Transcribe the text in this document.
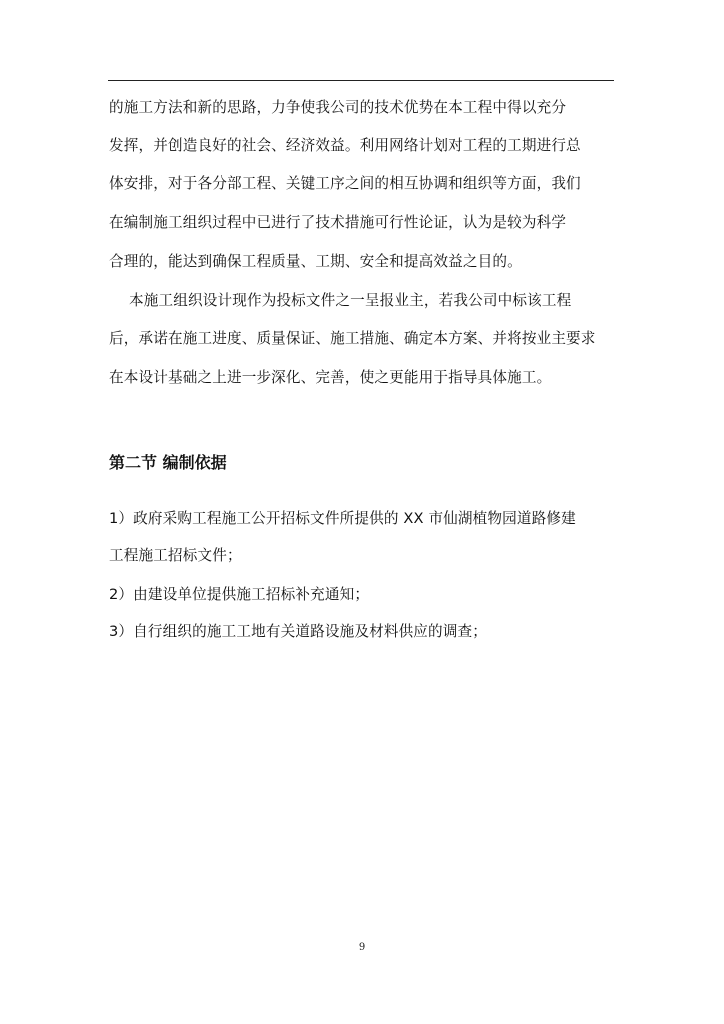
的施工方法和新的思路，力争使我公司的技术优势在本工程中得以充分
发挥，并创造良好的社会、经济效益。利用网络计划对工程的工期进行总
体安排，对于各分部工程、关键工序之间的相互协调和组织等方面，我们
在编制施工组织过程中已进行了技术措施可行性论证，认为是较为科学
合理的，能达到确保工程质量、工期、安全和提高效益之目的。
本施工组织设计现作为投标文件之一呈报业主，若我公司中标该工程
后，承诺在施工进度、质量保证、施工措施、确定本方案、并将按业主要求
在本设计基础之上进一步深化、完善，使之更能用于指导具体施工。
第二节 编制依据
1）政府采购工程施工公开招标文件所提供的 XX 市仙湖植物园道路修建
工程施工招标文件；
2）由建设单位提供施工招标补充通知；
3）自行组织的施工工地有关道路设施及材料供应的调查；
9
